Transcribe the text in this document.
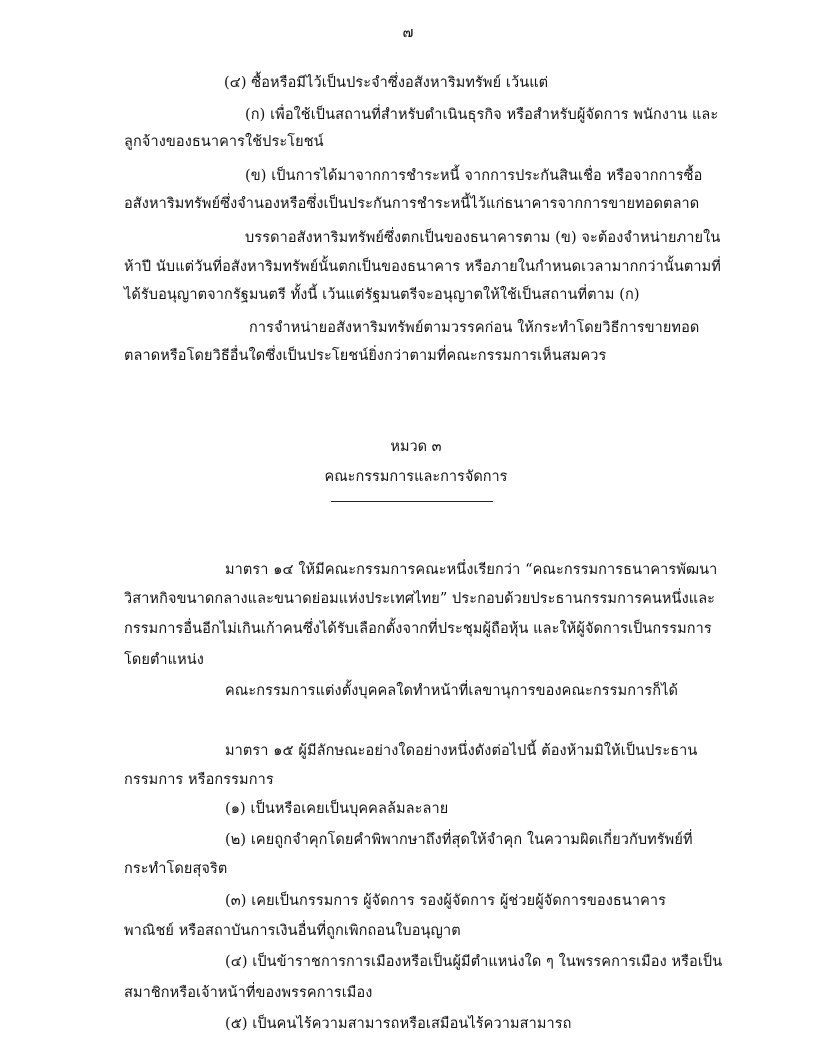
๗
(๔) ซื้อหรือมีไว้เป็นประจำซึ่งอสังหาริมทรัพย์ เว้นแต่
(ก) เพื่อใช้เป็นสถานที่สำหรับดำเนินธุรกิจ หรือสำหรับผู้จัดการ พนักงาน และ
ลูกจ้างของธนาคารใช้ประโยชน์
(ข) เป็นการได้มาจากการชำระหนี้ จากการประกันสินเชื่อ หรือจากการซื้อ
อสังหาริมทรัพย์ซึ่งจำนองหรือซึ่งเป็นประกันการชำระหนี้ไว้แก่ธนาคารจากการขายทอดตลาด
บรรดาอสังหาริมทรัพย์ซึ่งตกเป็นของธนาคารตาม (ข) จะต้องจำหน่ายภายใน
ห้าปี นับแต่วันที่อสังหาริมทรัพย์นั้นตกเป็นของธนาคาร หรือภายในกำหนดเวลามากกว่านั้นตามที่
ได้รับอนุญาตจากรัฐมนตรี ทั้งนี้ เว้นแต่รัฐมนตรีจะอนุญาตให้ใช้เป็นสถานที่ตาม (ก)
การจำหน่ายอสังหาริมทรัพย์ตามวรรคก่อน ให้กระทำโดยวิธีการขายทอด
ตลาดหรือโดยวิธีอื่นใดซึ่งเป็นประโยชน์ยิ่งกว่าตามที่คณะกรรมการเห็นสมควร
หมวด ๓
คณะกรรมการและการจัดการ
มาตรา ๑๔ ให้มีคณะกรรมการคณะหนึ่งเรียกว่า “คณะกรรมการธนาคารพัฒนา
วิสาหกิจขนาดกลางและขนาดย่อมแห่งประเทศไทย” ประกอบด้วยประธานกรรมการคนหนึ่งและ
กรรมการอื่นอีกไม่เกินเก้าคนซึ่งได้รับเลือกตั้งจากที่ประชุมผู้ถือหุ้น และให้ผู้จัดการเป็นกรรมการ
โดยตำแหน่ง
คณะกรรมการแต่งตั้งบุคคลใดทำหน้าที่เลขานุการของคณะกรรมการก็ได้
มาตรา ๑๕ ผู้มีลักษณะอย่างใดอย่างหนึ่งดังต่อไปนี้ ต้องห้ามมิให้เป็นประธาน
กรรมการ หรือกรรมการ
(๑) เป็นหรือเคยเป็นบุคคลล้มละลาย
(๒) เคยถูกจำคุกโดยคำพิพากษาถึงที่สุดให้จำคุก ในความผิดเกี่ยวกับทรัพย์ที่
กระทำโดยสุจริต
(๓) เคยเป็นกรรมการ ผู้จัดการ รองผู้จัดการ ผู้ช่วยผู้จัดการของธนาคาร
พาณิชย์ หรือสถาบันการเงินอื่นที่ถูกเพิกถอนใบอนุญาต
(๔) เป็นข้าราชการการเมืองหรือเป็นผู้มีตำแหน่งใด ๆ ในพรรคการเมือง หรือเป็น
สมาชิกหรือเจ้าหน้าที่ของพรรคการเมือง
(๕) เป็นคนไร้ความสามารถหรือเสมือนไร้ความสามารถ
